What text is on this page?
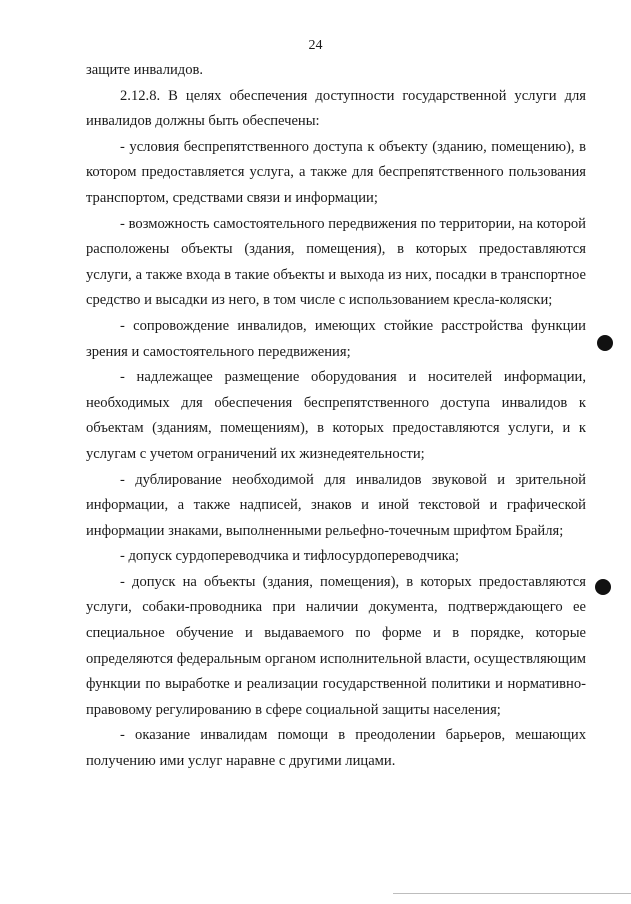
24

защите инвалидов.

2.12.8. В целях обеспечения доступности государственной услуги для инвалидов должны быть обеспечены:

- условия беспрепятственного доступа к объекту (зданию, помещению), в котором предоставляется услуга, а также для беспрепятственного пользования транспортом, средствами связи и информации;

- возможность самостоятельного передвижения по территории, на которой расположены объекты (здания, помещения), в которых предоставляются услуги, а также входа в такие объекты и выхода из них, посадки в транспортное средство и высадки из него, в том числе с использованием кресла-коляски;

- сопровождение инвалидов, имеющих стойкие расстройства функции зрения и самостоятельного передвижения;

- надлежащее размещение оборудования и носителей информации, необходимых для обеспечения беспрепятственного доступа инвалидов к объектам (зданиям, помещениям), в которых предоставляются услуги, и к услугам с учетом ограничений их жизнедеятельности;

- дублирование необходимой для инвалидов звуковой и зрительной информации, а также надписей, знаков и иной текстовой и графической информации знаками, выполненными рельефно-точечным шрифтом Брайля;

- допуск сурдопереводчика и тифлосурдопереводчика;

- допуск на объекты (здания, помещения), в которых предоставляются услуги, собаки-проводника при наличии документа, подтверждающего ее специальное обучение и выдаваемого по форме и в порядке, которые определяются федеральным органом исполнительной власти, осуществляющим функции по выработке и реализации государственной политики и нормативно-правовому регулированию в сфере социальной защиты населения;

- оказание инвалидам помощи в преодолении барьеров, мешающих получению ими услуг наравне с другими лицами.
